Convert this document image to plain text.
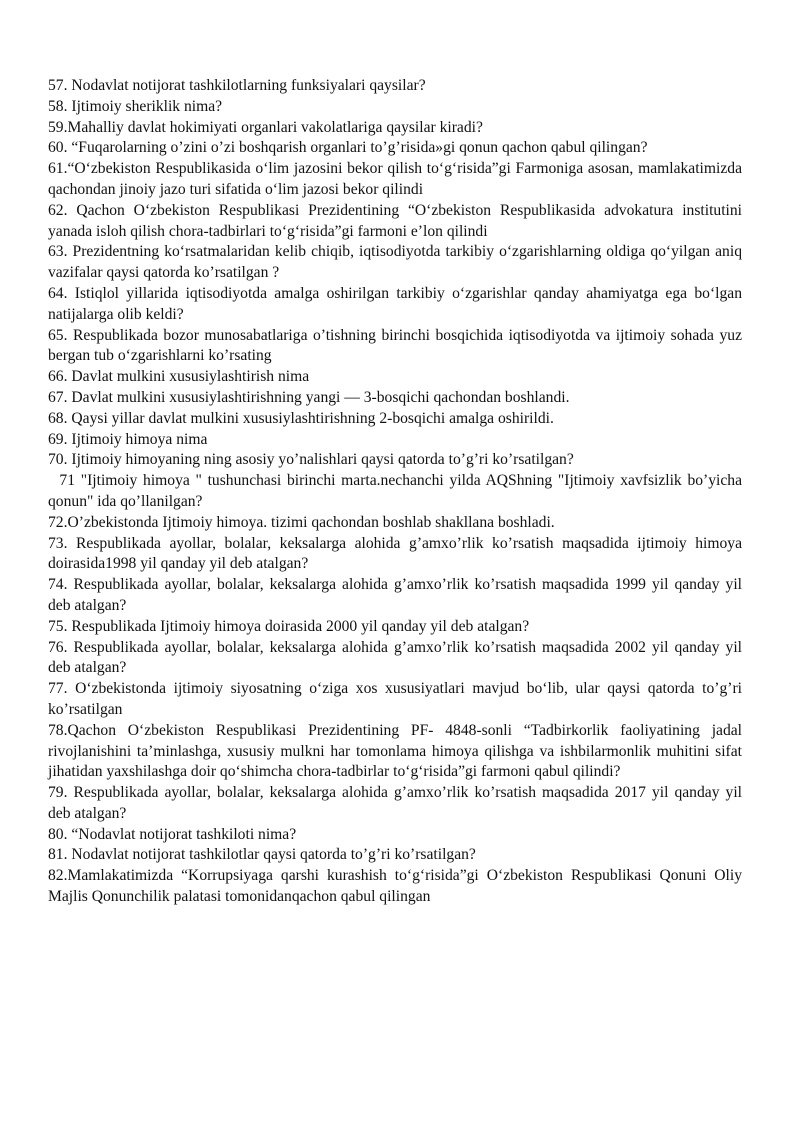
57. Nodavlat notijorat tashkilotlarning funksiyalari qaysilar?

58. Ijtimoiy sheriklik nima?

59.Mahalliy davlat hokimiyati organlari vakolatlariga qaysilar kiradi?

60. “Fuqarolarning o’zini o’zi boshqarish organlari to’g’risida»gi qonun qachon qabul qilingan?

61.“O‘zbekiston Respublikasida o‘lim jazosini bekor qilish to‘g‘risida”gi Farmoniga asosan, mamlakatimizda qachondan jinoiy jazo turi sifatida o‘lim jazosi bekor qilindi

62. Qachon O‘zbekiston Respublikasi Prezidentining “O‘zbekiston Respublikasida advokatura institutini yanada isloh qilish chora-tadbirlari to‘g‘risida”gi farmoni e’lon qilindi

63. Prezidentning ko‘rsatmalaridan kelib chiqib, iqtisodiyotda tarkibiy o‘zgarishlarning oldiga qo‘yilgan aniq vazifalar qaysi qatorda ko’rsatilgan ?

64. Istiqlol yillarida iqtisodiyotda amalga oshirilgan tarkibiy o‘zgarishlar qanday ahamiyatga ega bo‘lgan natijalarga olib keldi?

65. Respublikada bozor munosabatlariga o’tishning birinchi bosqichida iqtisodiyotda va ijtimoiy sohada yuz bergan tub o‘zgarishlarni ko’rsating

66. Davlat mulkini xususiylashtirish nima

67. Davlat mulkini xususiylashtirishning yangi — 3-bosqichi qachondan boshlandi.

68. Qaysi yillar davlat mulkini xususiylashtirishning 2-bosqichi amalga oshirildi.

69. Ijtimoiy himoya nima

70. Ijtimoiy himoyaning ning asosiy yo’nalishlari qaysi qatorda to’g’ri ko’rsatilgan?

71 "Ijtimoiy himoya " tushunchasi birinchi marta.nechanchi yilda AQShning "Ijtimoiy xavfsizlik bo’yicha qonun" ida qo’llanilgan?

72.O’zbekistonda Ijtimoiy himoya. tizimi qachondan boshlab shakllana boshladi.

73. Respublikada ayollar, bolalar, keksalarga alohida g’amxo’rlik ko’rsatish maqsadida ijtimoiy himoya doirasida1998 yil qanday yil deb atalgan?

74. Respublikada ayollar, bolalar, keksalarga alohida g’amxo’rlik ko’rsatish maqsadida 1999 yil qanday yil deb atalgan?

75. Respublikada Ijtimoiy himoya doirasida 2000 yil qanday yil deb atalgan?

76. Respublikada ayollar, bolalar, keksalarga alohida g’amxo’rlik ko’rsatish maqsadida 2002 yil qanday yil deb atalgan?

77. O‘zbekistonda ijtimoiy siyosatning o‘ziga xos xususiyatlari mavjud bo‘lib, ular qaysi qatorda to’g’ri ko’rsatilgan

78.Qachon O‘zbekiston Respublikasi Prezidentining PF- 4848-sonli “Tadbirkorlik faoliyatining jadal rivojlanishini ta’minlashga, xususiy mulkni har tomonlama himoya qilishga va ishbilarmonlik muhitini sifat jihatidan yaxshilashga doir qo‘shimcha chora-tadbirlar to‘g‘risida”gi farmoni qabul qilindi?

79. Respublikada ayollar, bolalar, keksalarga alohida g’amxo’rlik ko’rsatish maqsadida 2017 yil qanday yil deb atalgan?

80. “Nodavlat notijorat tashkiloti nima?

81. Nodavlat notijorat tashkilotlar qaysi qatorda to’g’ri ko’rsatilgan?

82.Mamlakatimizda “Korrupsiyaga qarshi kurashish to‘g‘risida”gi O‘zbekiston Respublikasi Qonuni Oliy Majlis Qonunchilik palatasi tomonidanqachon qabul qilingan
